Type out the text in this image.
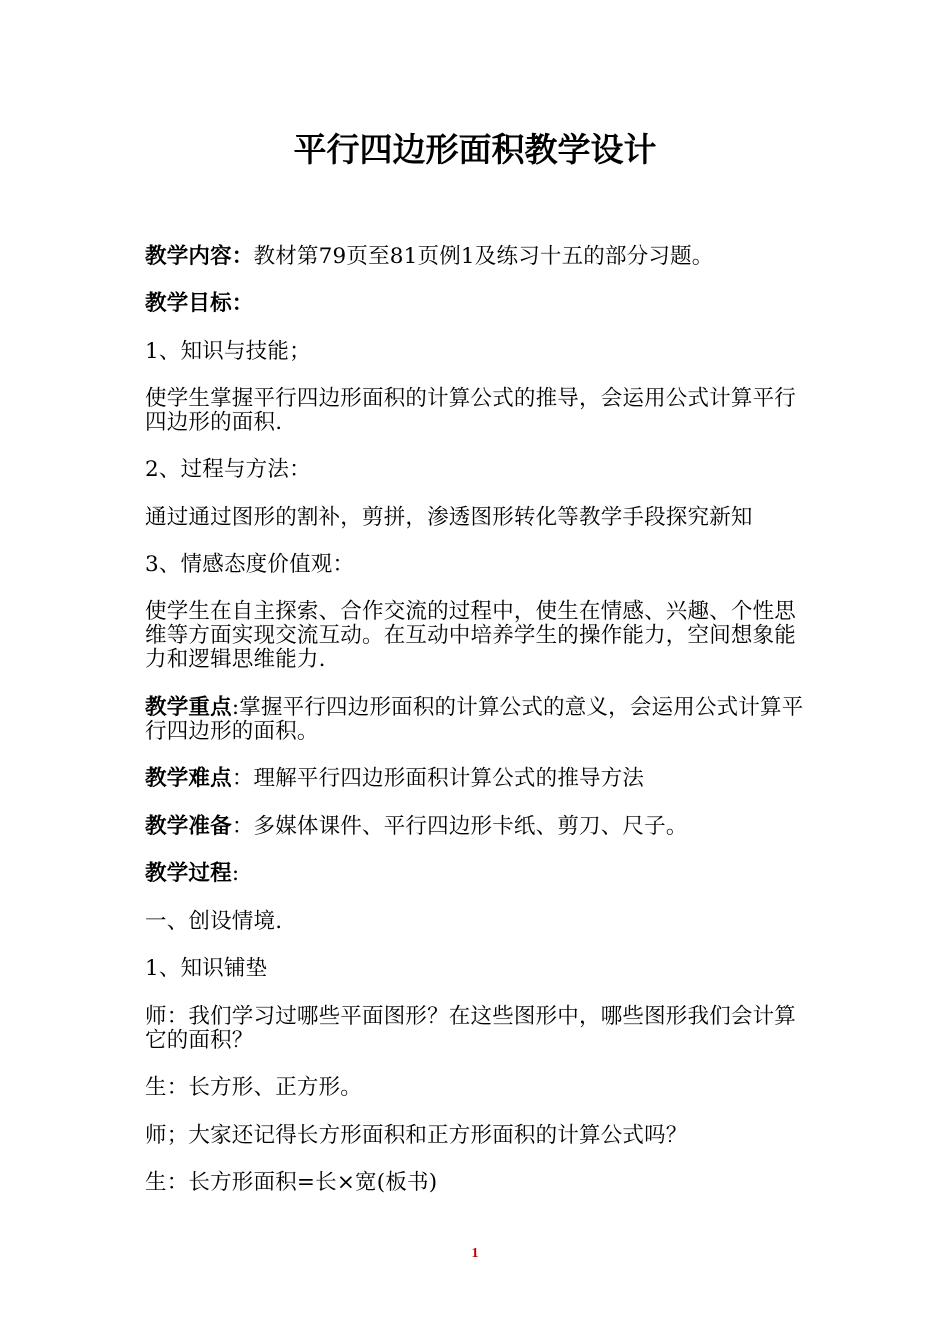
平行四边形面积教学设计

教学内容：教材第79页至81页例1及练习十五的部分习题。

教学目标：

1、知识与技能；

使学生掌握平行四边形面积的计算公式的推导，会运用公式计算平行四边形的面积.

2、过程与方法：

通过通过图形的割补，剪拼，渗透图形转化等教学手段探究新知

3、情感态度价值观：

使学生在自主探索、合作交流的过程中，使生在情感、兴趣、个性思维等方面实现交流互动。在互动中培养学生的操作能力，空间想象能力和逻辑思维能力.

教学重点:掌握平行四边形面积的计算公式的意义，会运用公式计算平行四边形的面积。

教学难点：理解平行四边形面积计算公式的推导方法

教学准备：多媒体课件、平行四边形卡纸、剪刀、尺子。

教学过程:

一、创设情境.

1、知识铺垫

师：我们学习过哪些平面图形？在这些图形中，哪些图形我们会计算它的面积？

生：长方形、正方形。

师；大家还记得长方形面积和正方形面积的计算公式吗？

生：长方形面积=长×宽(板书)

1
